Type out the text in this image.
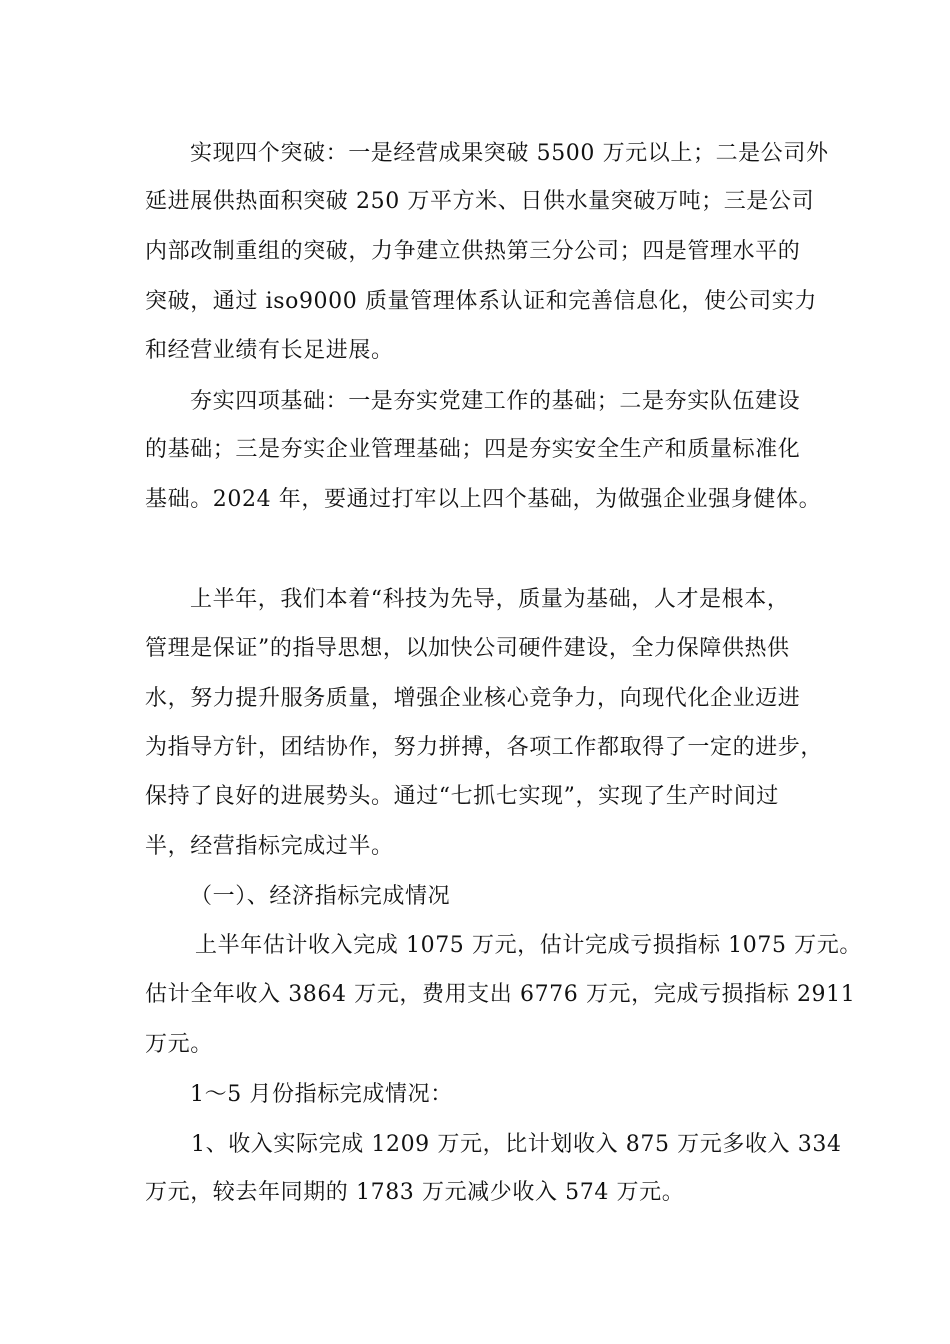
实现四个突破：一是经营成果突破 5500 万元以上；二是公司外

延进展供热面积突破 250 万平方米、日供水量突破万吨；三是公司

内部改制重组的突破，力争建立供热第三分公司；四是管理水平的

突破，通过 iso9000 质量管理体系认证和完善信息化，使公司实力

和经营业绩有长足进展。

夯实四项基础：一是夯实党建工作的基础；二是夯实队伍建设

的基础；三是夯实企业管理基础；四是夯实安全生产和质量标准化

基础。2024 年，要通过打牢以上四个基础，为做强企业强身健体。

上半年，我们本着“科技为先导，质量为基础，人才是根本，

管理是保证”的指导思想，以加快公司硬件建设，全力保障供热供

水，努力提升服务质量，增强企业核心竞争力，向现代化企业迈进

为指导方针，团结协作，努力拼搏，各项工作都取得了一定的进步，

保持了良好的进展势头。通过“七抓七实现”，实现了生产时间过

半，经营指标完成过半。

（一）、经济指标完成情况

上半年估计收入完成 1075 万元，估计完成亏损指标 1075 万元。

估计全年收入 3864 万元，费用支出 6776 万元，完成亏损指标 2911

万元。

1～5 月份指标完成情况：

1、收入实际完成 1209 万元，比计划收入 875 万元多收入 334

万元，较去年同期的 1783 万元减少收入 574 万元。
